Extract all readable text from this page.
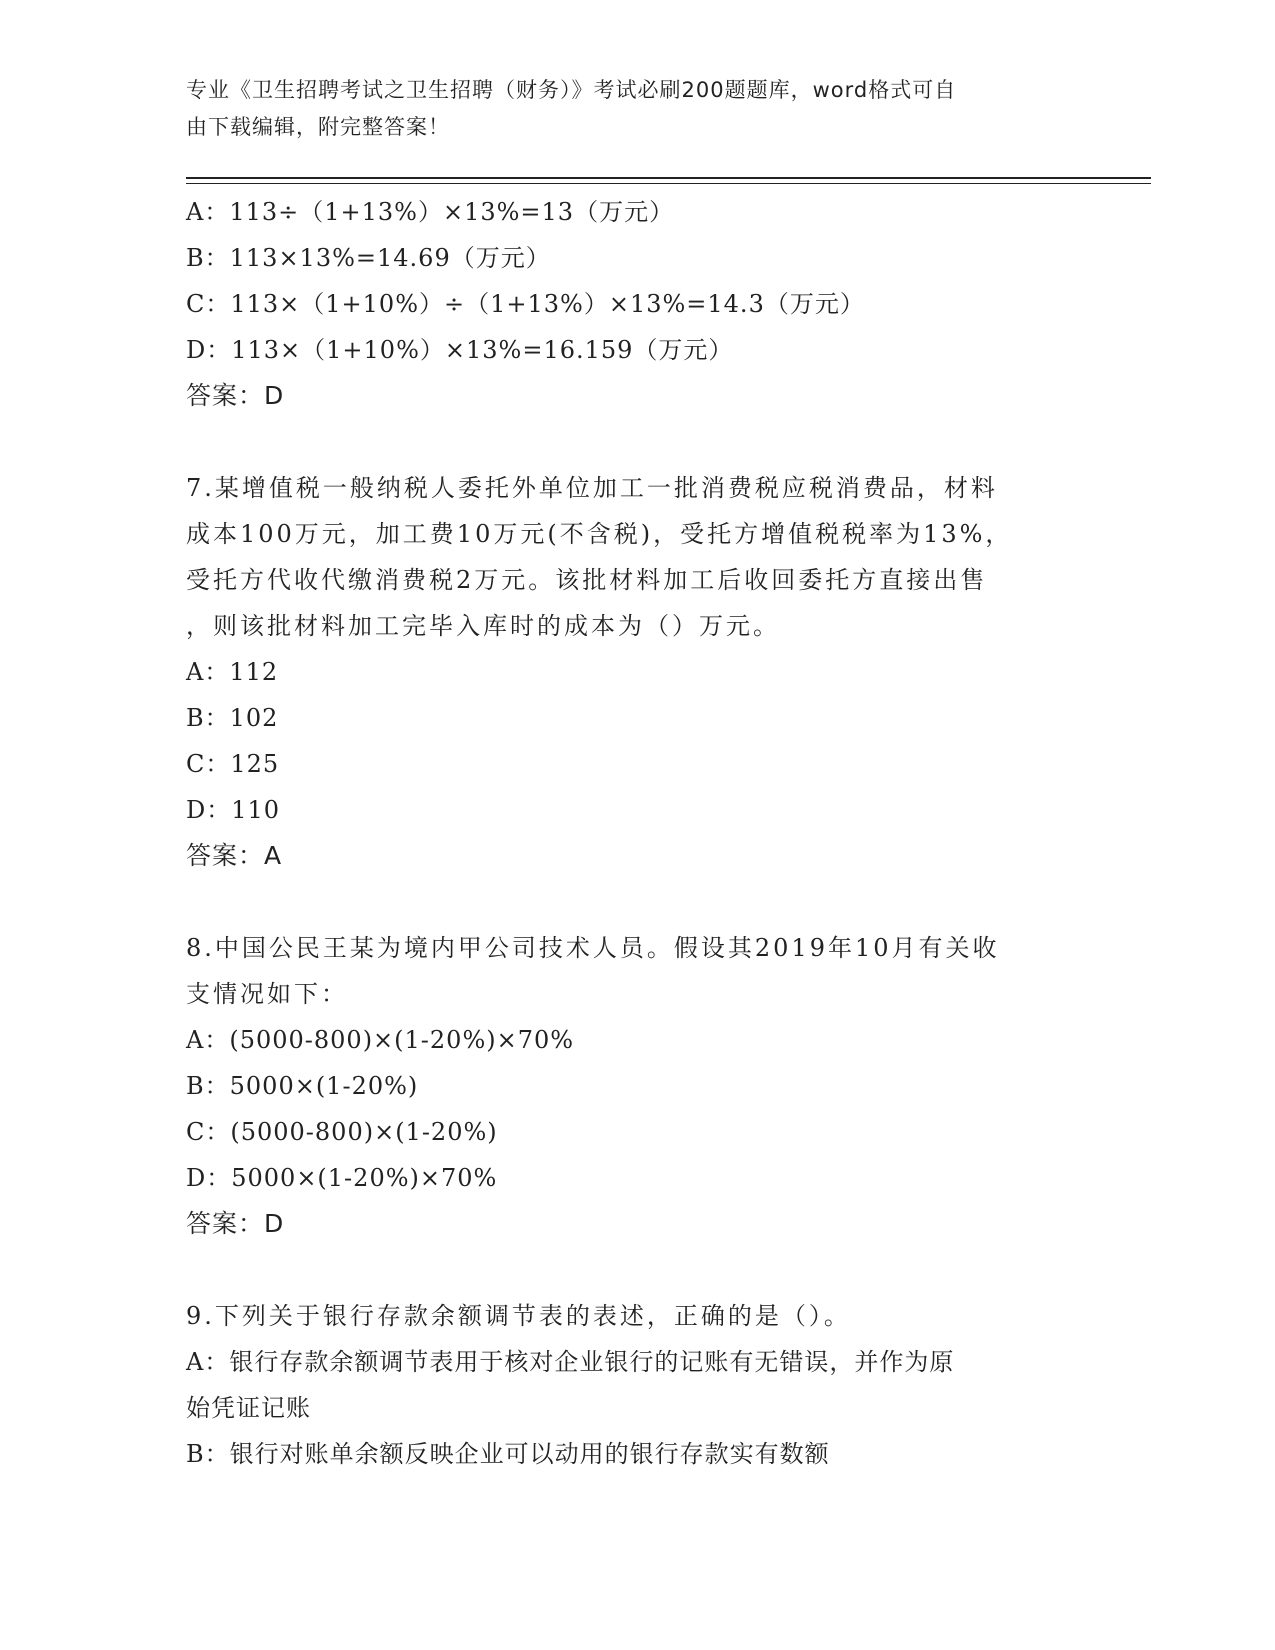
专业《卫生招聘考试之卫生招聘（财务）》考试必刷200题题库，word格式可自
由下载编辑，附完整答案！
A：113÷（1+13%）×13%=13（万元）
B：113×13%=14.69（万元）
C：113×（1+10%）÷（1+13%）×13%=14.3（万元）
D：113×（1+10%）×13%=16.159（万元）
答案：D
7.某增值税一般纳税人委托外单位加工一批消费税应税消费品，材料
成本100万元，加工费10万元(不含税)，受托方增值税税率为13%，
受托方代收代缴消费税2万元。该批材料加工后收回委托方直接出售
，则该批材料加工完毕入库时的成本为（）万元。
A：112
B：102
C：125
D：110
答案：A
8.中国公民王某为境内甲公司技术人员。假设其2019年10月有关收
支情况如下：
A：(5000-800)×(1-20%)×70%
B：5000×(1-20%)
C：(5000-800)×(1-20%)
D：5000×(1-20%)×70%
答案：D
9.下列关于银行存款余额调节表的表述，正确的是（）。
A：银行存款余额调节表用于核对企业银行的记账有无错误，并作为原
始凭证记账
B：银行对账单余额反映企业可以动用的银行存款实有数额
